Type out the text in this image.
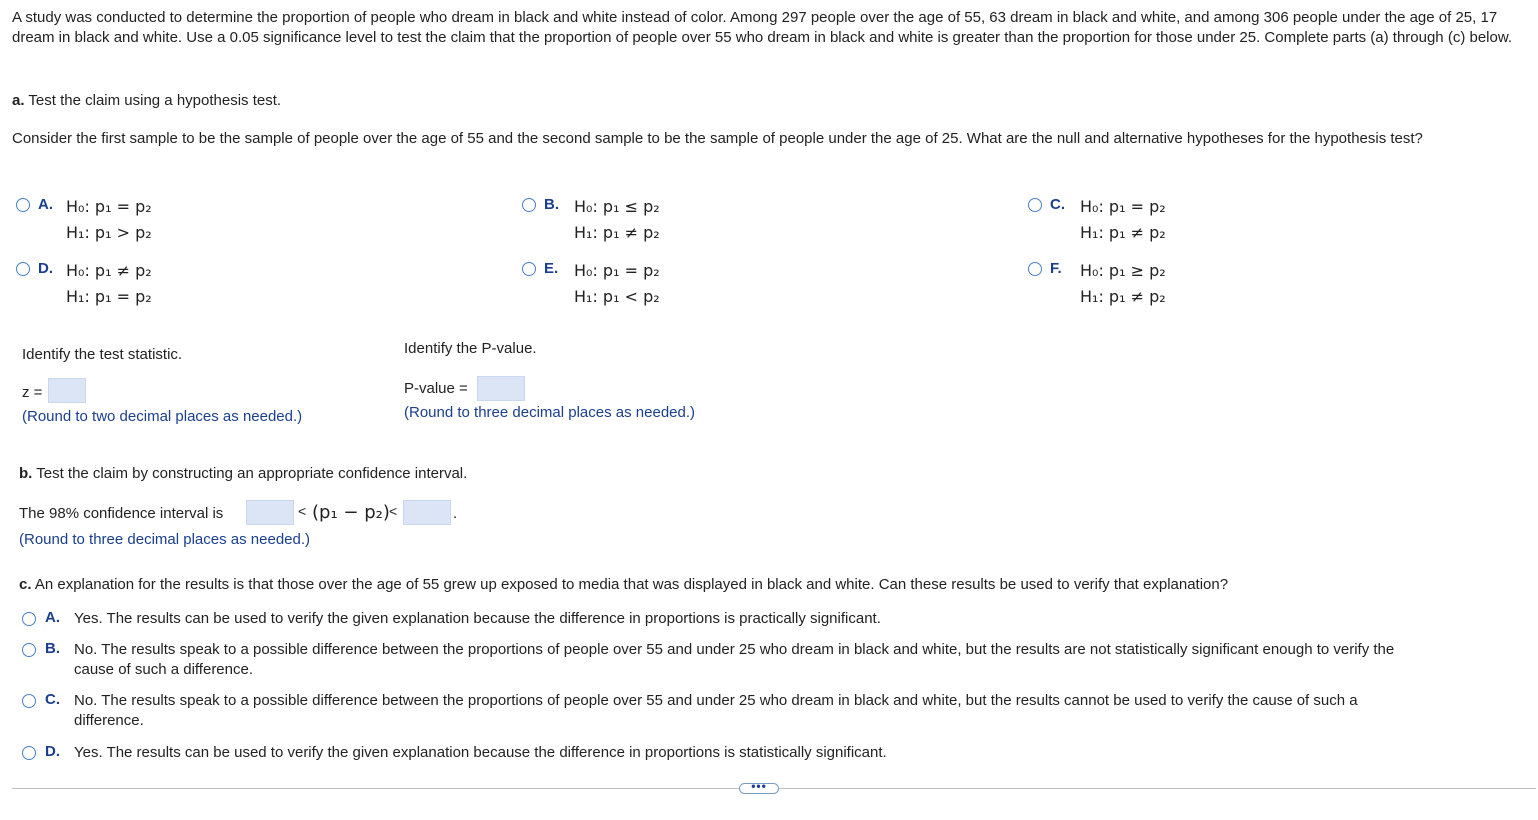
A study was conducted to determine the proportion of people who dream in black and white instead of color. Among 297 people over the age of 55, 63 dream in black and white, and among 306 people under the age of 25, 17 dream in black and white. Use a 0.05 significance level to test the claim that the proportion of people over 55 who dream in black and white is greater than the proportion for those under 25. Complete parts (a) through (c) below.
a. Test the claim using a hypothesis test.
Consider the first sample to be the sample of people over the age of 55 and the second sample to be the sample of people under the age of 25. What are the null and alternative hypotheses for the hypothesis test?
A. H₀: p₁ = p₂
H₁: p₁ > p₂
B. H₀: p₁ ≤ p₂
H₁: p₁ ≠ p₂
C. H₀: p₁ = p₂
H₁: p₁ ≠ p₂
D. H₀: p₁ ≠ p₂
H₁: p₁ = p₂
E. H₀: p₁ = p₂
H₁: p₁ < p₂
F. H₀: p₁ ≥ p₂
H₁: p₁ ≠ p₂
Identify the test statistic.
z =
(Round to two decimal places as needed.)
Identify the P-value.
P-value =
(Round to three decimal places as needed.)
b. Test the claim by constructing an appropriate confidence interval.
The 98% confidence interval is	< (p₁ − p₂) <	.
(Round to three decimal places as needed.)
c. An explanation for the results is that those over the age of 55 grew up exposed to media that was displayed in black and white. Can these results be used to verify that explanation?
A. Yes. The results can be used to verify the given explanation because the difference in proportions is practically significant.
B. No. The results speak to a possible difference between the proportions of people over 55 and under 25 who dream in black and white, but the results are not statistically significant enough to verify the
cause of such a difference.
C. No. The results speak to a possible difference between the proportions of people over 55 and under 25 who dream in black and white, but the results cannot be used to verify the cause of such a
difference.
D. Yes. The results can be used to verify the given explanation because the difference in proportions is statistically significant.
•••
